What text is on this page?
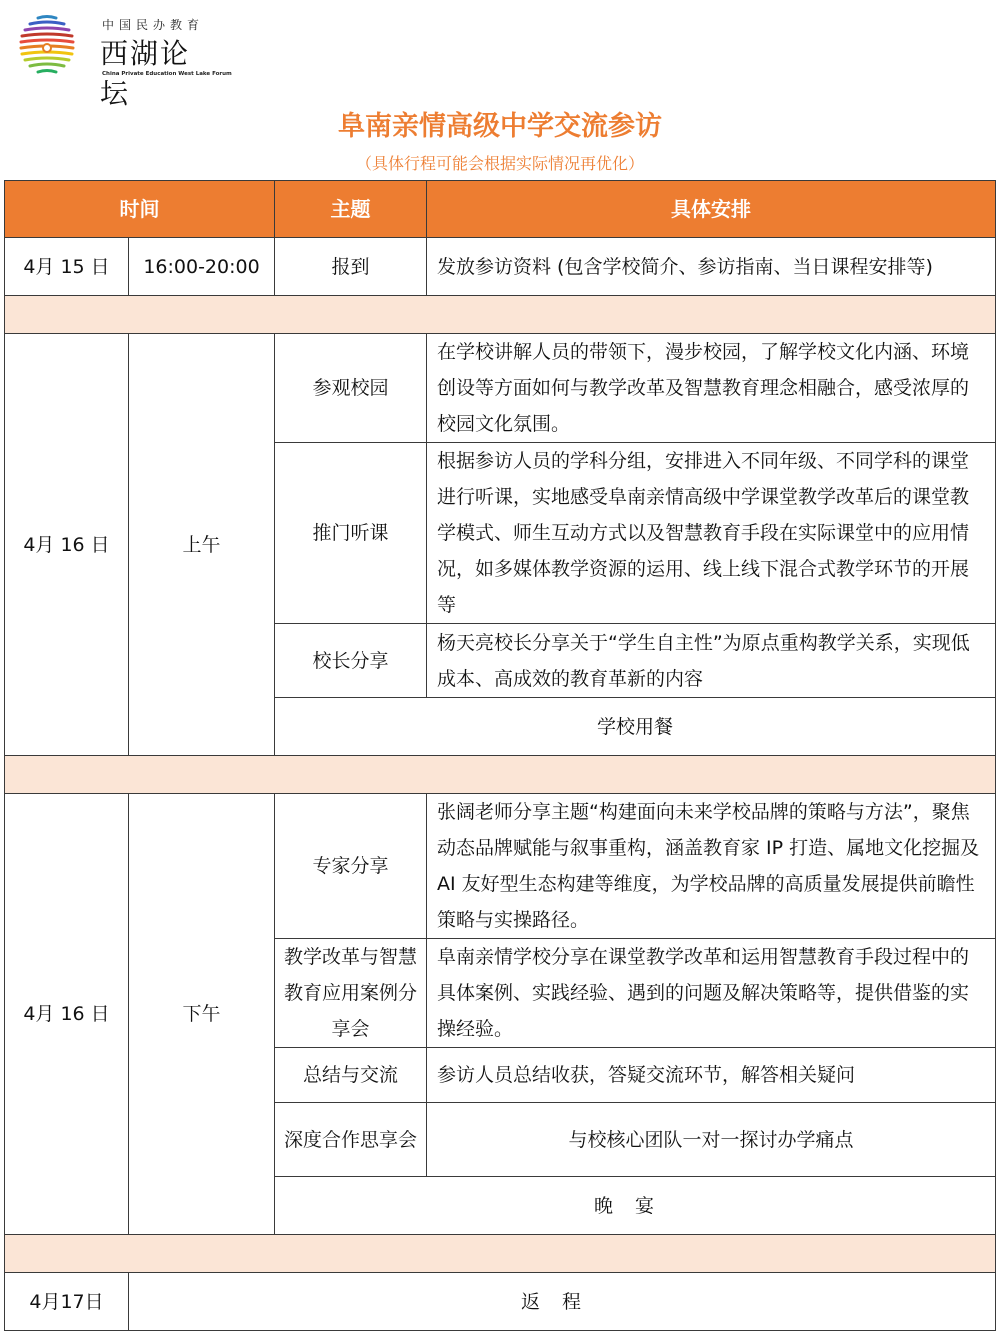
中国民办教育
西湖论坛
China Private Education West Lake Forum
阜南亲情高级中学交流参访
（具体行程可能会根据实际情况再优化）
时间		主题	具体安排
4月 15 日	16:00-20:00	报到	发放参访资料 (包含学校简介、参访指南、当日课程安排等)

4月 16 日	上午	参观校园	在学校讲解人员的带领下，漫步校园，了解学校文化内涵、环境创设等方面如何与教学改革及智慧教育理念相融合，感受浓厚的校园文化氛围。
		推门听课	根据参访人员的学科分组，安排进入不同年级、不同学科的课堂进行听课，实地感受阜南亲情高级中学课堂教学改革后的课堂教学模式、师生互动方式以及智慧教育手段在实际课堂中的应用情况，如多媒体教学资源的运用、线上线下混合式教学环节的开展等
		校长分享	杨天亮校长分享关于“学生自主性”为原点重构教学关系，实现低成本、高成效的教育革新的内容
		学校用餐	

4月 16 日	下午	专家分享	张阔老师分享主题“构建面向未来学校品牌的策略与方法”，聚焦动态品牌赋能与叙事重构，涵盖教育家 IP 打造、属地文化挖掘及 AI 友好型生态构建等维度，为学校品牌的高质量发展提供前瞻性策略与实操路径。
		教学改革与智慧教育应用案例分享会	阜南亲情学校分享在课堂教学改革和运用智慧教育手段过程中的具体案例、实践经验、遇到的问题及解决策略等，提供借鉴的实操经验。
		总结与交流	参访人员总结收获，答疑交流环节，解答相关疑问
		深度合作思享会	与校核心团队一对一探讨办学痛点
		晚宴	

4月17日	返程		
